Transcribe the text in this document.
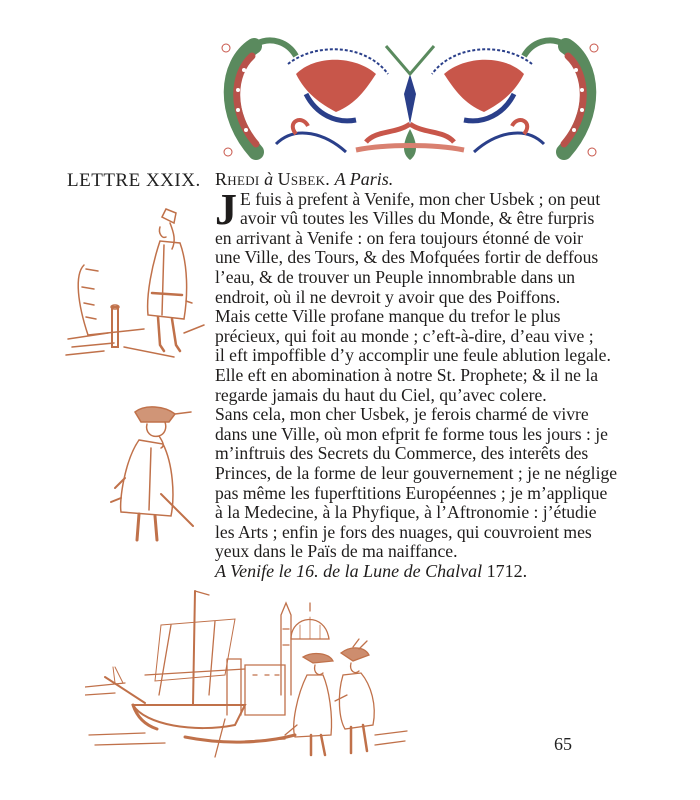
LETTRE XXIX. Rhedi à Usbek. A Paris.
J E fuis à prefent à Venife, mon cher Usbek ; on peut
avoir vû toutes les Villes du Monde, & être furpris
en arrivant à Venife : on fera toujours étonné de voir
une Ville, des Tours, & des Mofquées fortir de deffous
l’eau, & de trouver un Peuple innombrable dans un
endroit, où il ne devroit y avoir que des Poiffons.
Mais cette Ville profane manque du trefor le plus
précieux, qui foit au monde ; c’eft-à-dire, d’eau vive ;
il eft impoffible d’y accomplir une feule ablution legale.
Elle eft en abomination à notre St. Prophete; & il ne la
regarde jamais du haut du Ciel, qu’avec colere.
Sans cela, mon cher Usbek, je ferois charmé de vivre
dans une Ville, où mon efprit fe forme tous les jours : je
m’inftruis des Secrets du Commerce, des interêts des
Princes, de la forme de leur gouvernement ; je ne néglige
pas même les fuperftitions Européennes ; je m’applique
à la Medecine, à la Phyfique, à l’Aftronomie : j’étudie
les Arts ; enfin je fors des nuages, qui couvroient mes
yeux dans le Païs de ma naiffance.
A Venife le 16. de la Lune de Chalval 1712.
65
